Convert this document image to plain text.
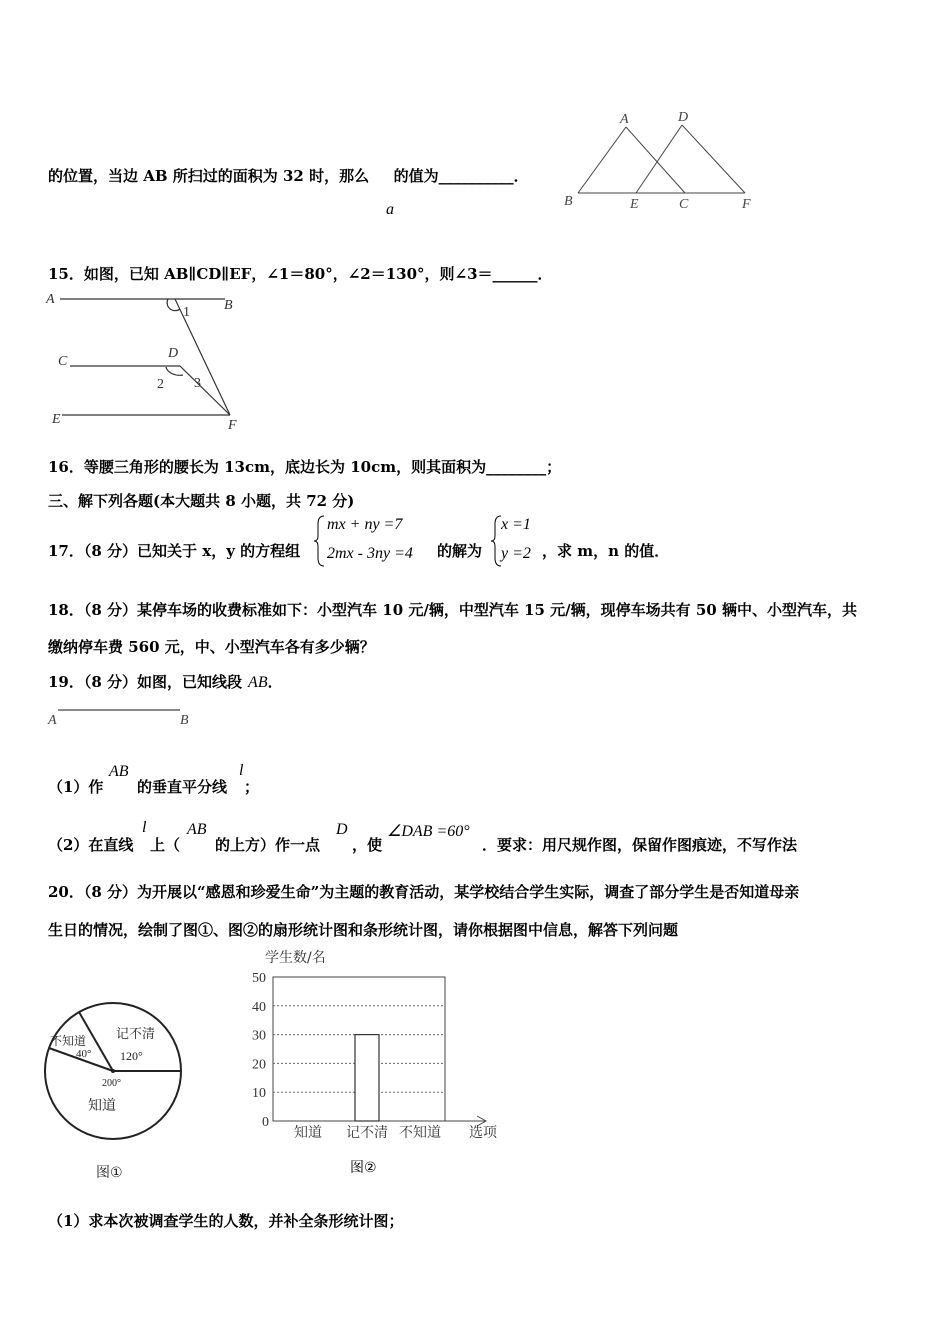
的位置，当边 AB 所扫过的面积为 32 时，那么 的值为__________．
a
A	D
B	E	C	F
15．如图，已知 AB∥CD∥EF，∠1＝80°，∠2＝130°，则∠3＝______．
A	B
C
D
E	F
1
2 3
16．等腰三角形的腰长为 13cm，底边长为 10cm，则其面积为________；
三、解下列各题(本大题共 8 小题，共 72 分)
17．（8 分）已知关于 x，y 的方程组
mx + ny =7
2mx - 3ny =4 的解为
x =1
y =2 ，求 m，n 的值．
18．（8 分）某停车场的收费标准如下：小型汽车 10 元/辆，中型汽车 15 元/辆，现停车场共有 50 辆中、小型汽车，共
缴纳停车费 560 元，中、小型汽车各有多少辆？
19．（8 分）如图，已知线段 AB．
A	B
（1）作
AB
的垂直平分线
l
；
（2）在直线
l
上（
AB
的上方）作一点
D
，使
∠DAB =60°
．要求：用尺规作图，保留作图痕迹，不写作法
20．（8 分）为开展以“感恩和珍爱生命”为主题的教育活动，某学校结合学生实际，调查了部分学生是否知道母亲
生日的情况，绘制了图①、图②的扇形统计图和条形统计图，请你根据图中信息，解答下列问题
不知道
40°
记不清
120°
200°
知道
图①
0
10
20
30
40
50
学生数/名
选项
知道 记不清 不知道
图②
（1）求本次被调查学生的人数，并补全条形统计图；
